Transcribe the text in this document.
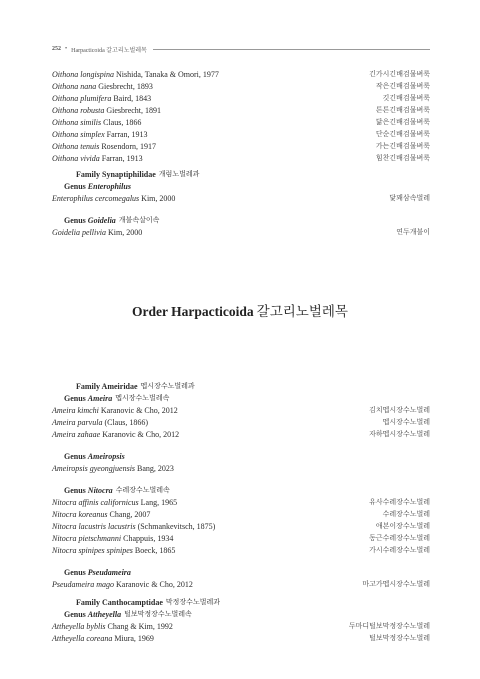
252 • Harpacticoida 갈고리노벌레목
Oithona longispina Nishida, Tanaka & Omori, 1977	긴가시긴배검물벼룩
Oithona nana Giesbrecht, 1893	작은긴배검물벼룩
Oithona plumifera Baird, 1843	깃긴배검물벼룩
Oithona robusta Giesbrecht, 1891	튼튼긴배검물벼룩
Oithona similis Claus, 1866	닮은긴배검물벼룩
Oithona simplex Farran, 1913	단순긴배검물벼룩
Oithona tenuis Rosendorn, 1917	가는긴배검물벼룩
Oithona vivida Farran, 1913	힘찬긴배검물벼룩
Family Synaptiphilidae 개럼노벌레과
Genus Enterophilus
Enterophilus cercomegalus Kim, 2000	닻꽤삼속벌레
Genus Goidelia 개불속살이속
Goidelia pellivia Kim, 2000	연두개불이
Order Harpacticoida 갈고리노벌레목
Family Ameiridae 멥시장수노벌레과
Genus Ameira 멥시장수노벌레속
Ameira kimchi Karanovic & Cho, 2012	김치멥시장수노벌레
Ameira parvula (Claus, 1866)	멥시장수노벌레
Ameira zahaae Karanovic & Cho, 2012	자하멥시장수노벌레
Genus Ameiropsis
Ameiropsis gyeongjuensis Bang, 2023
Genus Nitocra 수레장수노벌레속
Nitocra affinis californicus Lang, 1965	유사수레장수노벌레
Nitocra koreanus Chang, 2007	수레장수노벌레
Nitocra lacustris lacustris (Schmankevitsch, 1875)	애본이장수노벌레
Nitocra pietschmanni Chappuis, 1934	동근수레장수노벌레
Nitocra spinipes spinipes Boeck, 1865	가시수레장수노벌레
Genus Pseudameira
Pseudameira mago Karanovic & Cho, 2012	마고가멥시장수노벌레
Family Canthocamptidae 막정장수노벌레과
Genus Attheyella 털보막정장수노벌레속
Attheyella byblis Chang & Kim, 1992	두마디털보막정장수노벌레
Attheyella coreana Miura, 1969	털보막정장수노벌레
